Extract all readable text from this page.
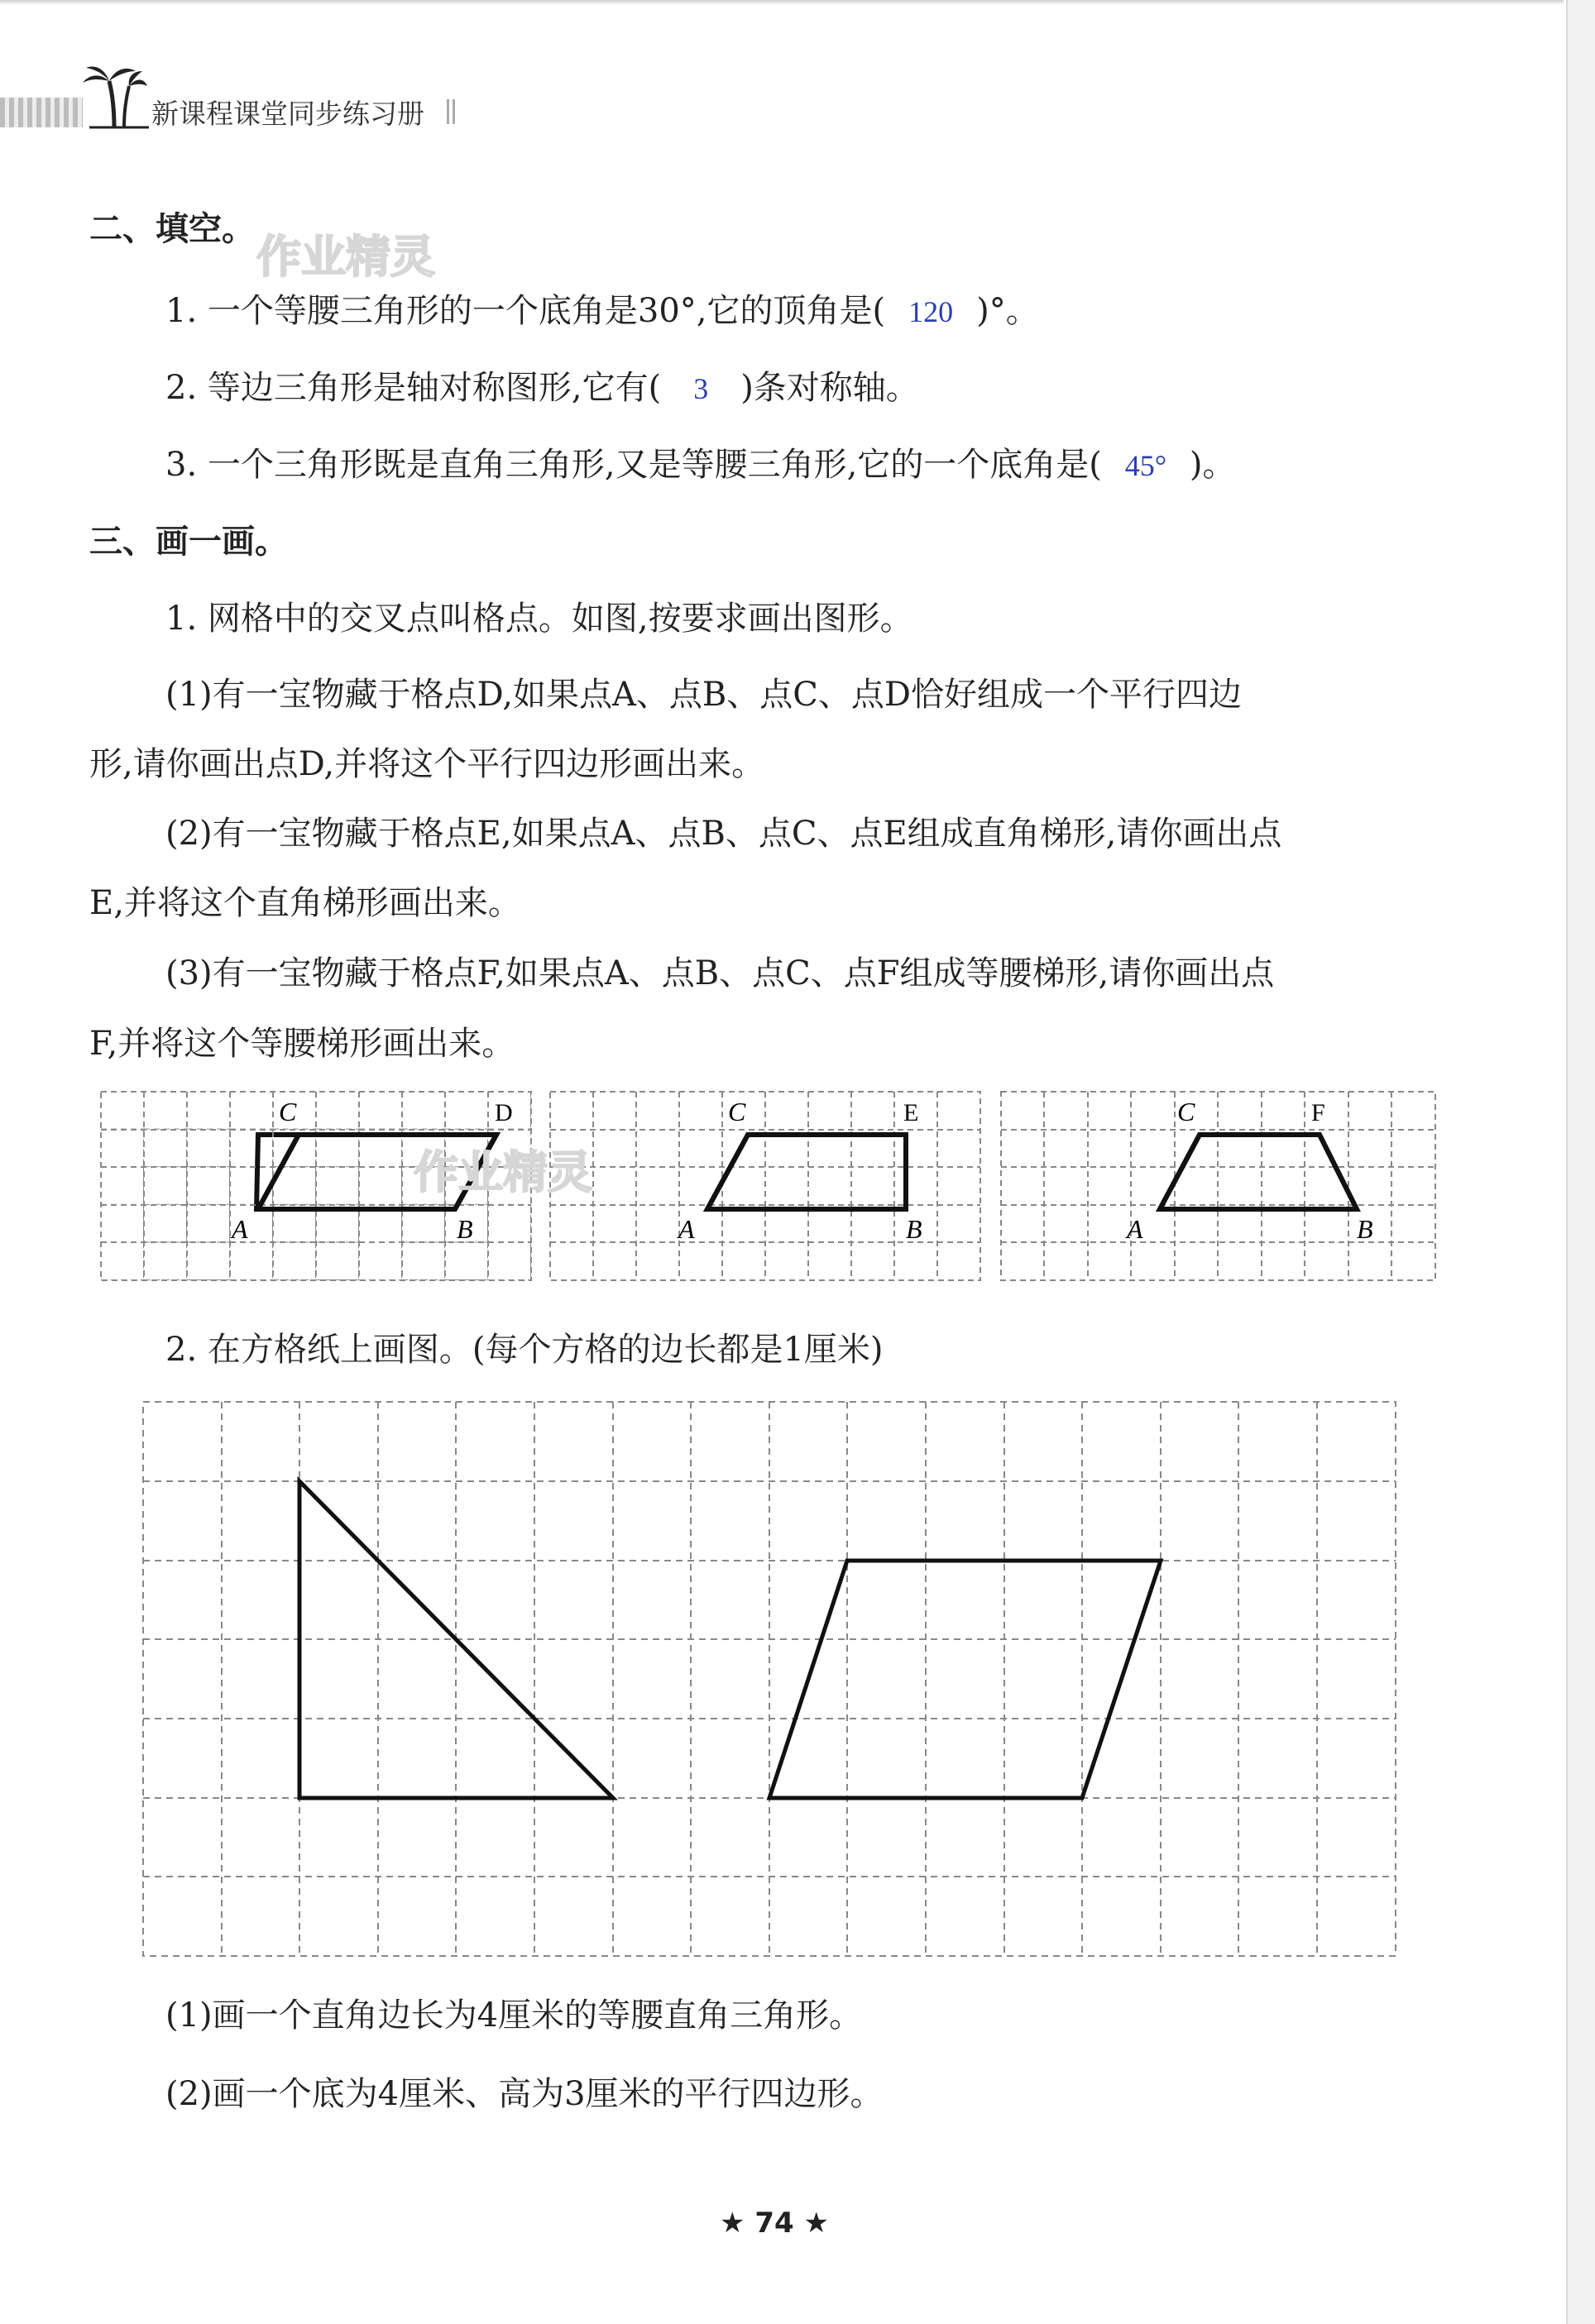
新课程课堂同步练习册
二、填空。
作业精灵
1. 一个等腰三角形的一个底角是30°,它的顶角是( 120 )°。
2. 等边三角形是轴对称图形,它有( 3 )条对称轴。
3. 一个三角形既是直角三角形,又是等腰三角形,它的一个底角是( 45° )。
三、画一画。
1. 网格中的交叉点叫格点。如图,按要求画出图形。
(1)有一宝物藏于格点D,如果点A、点B、点C、点D恰好组成一个平行四边
形,请你画出点D,并将这个平行四边形画出来。
(2)有一宝物藏于格点E,如果点A、点B、点C、点E组成直角梯形,请你画出点
E,并将这个直角梯形画出来。
(3)有一宝物藏于格点F,如果点A、点B、点C、点F组成等腰梯形,请你画出点
F,并将这个等腰梯形画出来。
C	D
A	B
C	E
A	B
C	F
A	B
作业精灵
2. 在方格纸上画图。(每个方格的边长都是1厘米)
(1)画一个直角边长为4厘米的等腰直角三角形。
(2)画一个底为4厘米、高为3厘米的平行四边形。
★ 74 ★
